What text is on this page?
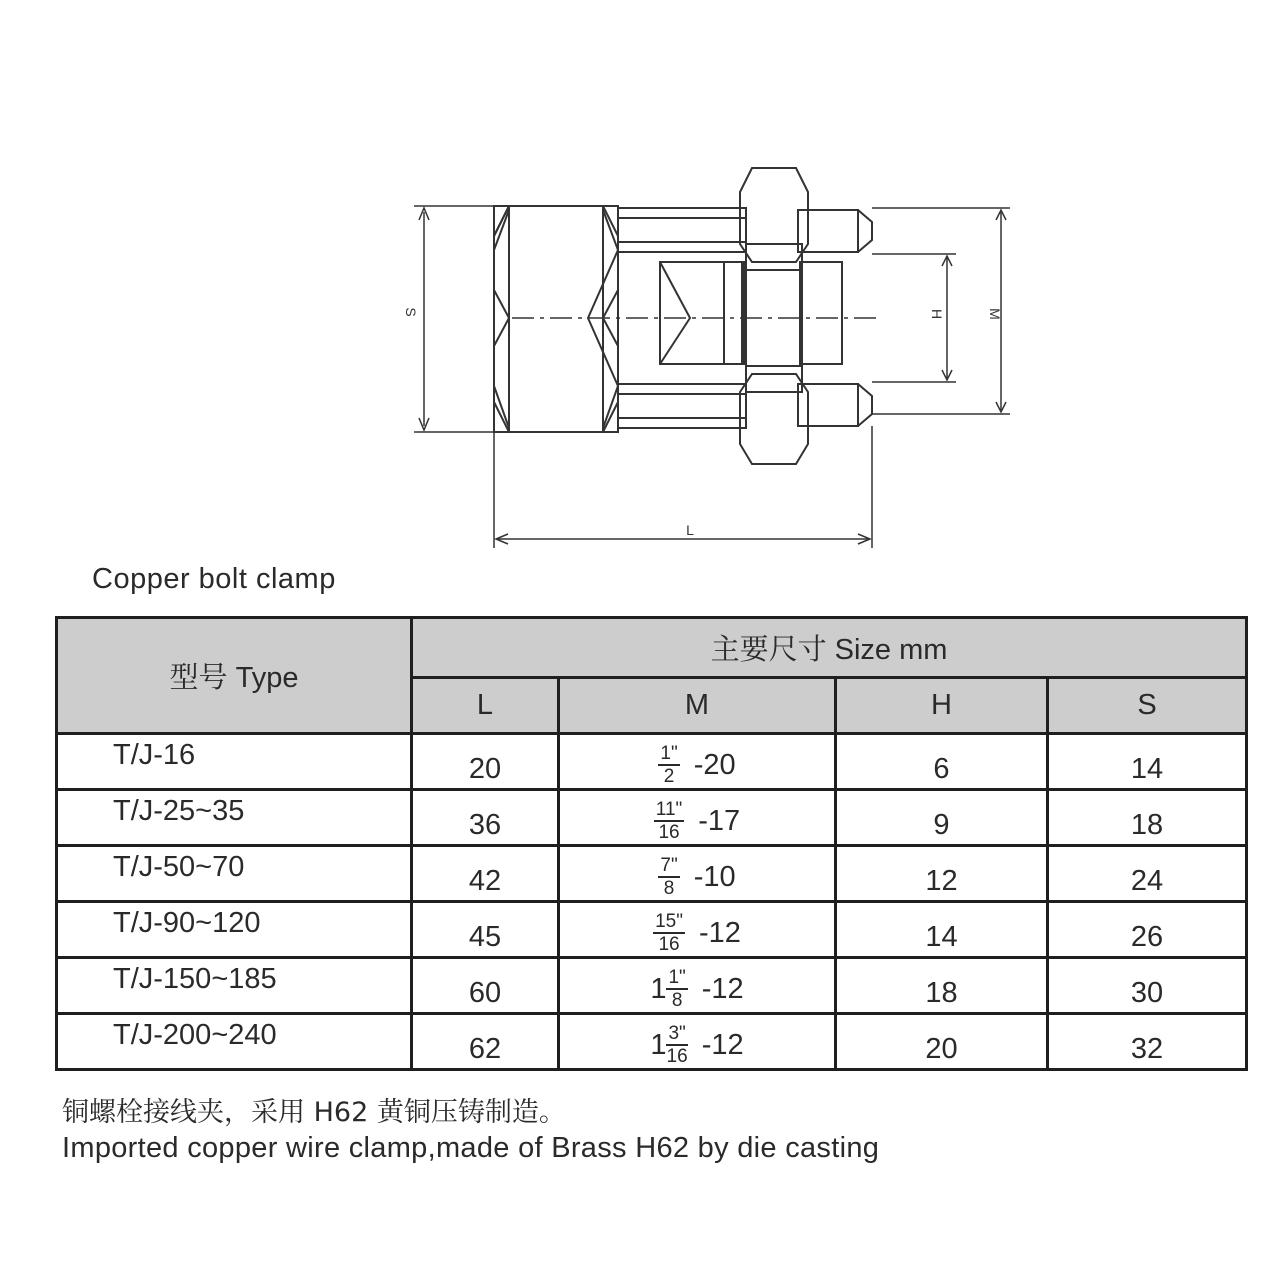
S	H	M
L
Copper bolt clamp
型号 Type	主要尺寸 Size mm			
	L	M	H	S
T/J-16	20	$\frac{1"}{2} -20$	6	14
T/J-25~35	36	$\frac{11"}{16} -17$	9	18
T/J-50~70	42	$\frac{7"}{8} -10$	12	24
T/J-90~120	45	$\frac{15"}{16} -12$	14	26
T/J-150~185	60	$1 \frac{1"}{8} -12$	18	30
T/J-200~240	62	$1 \frac{3"}{16} -12$	20	32
铜螺栓接线夹，采用 H62 黄铜压铸制造。
Imported copper wire clamp,made of Brass H62 by die casting
